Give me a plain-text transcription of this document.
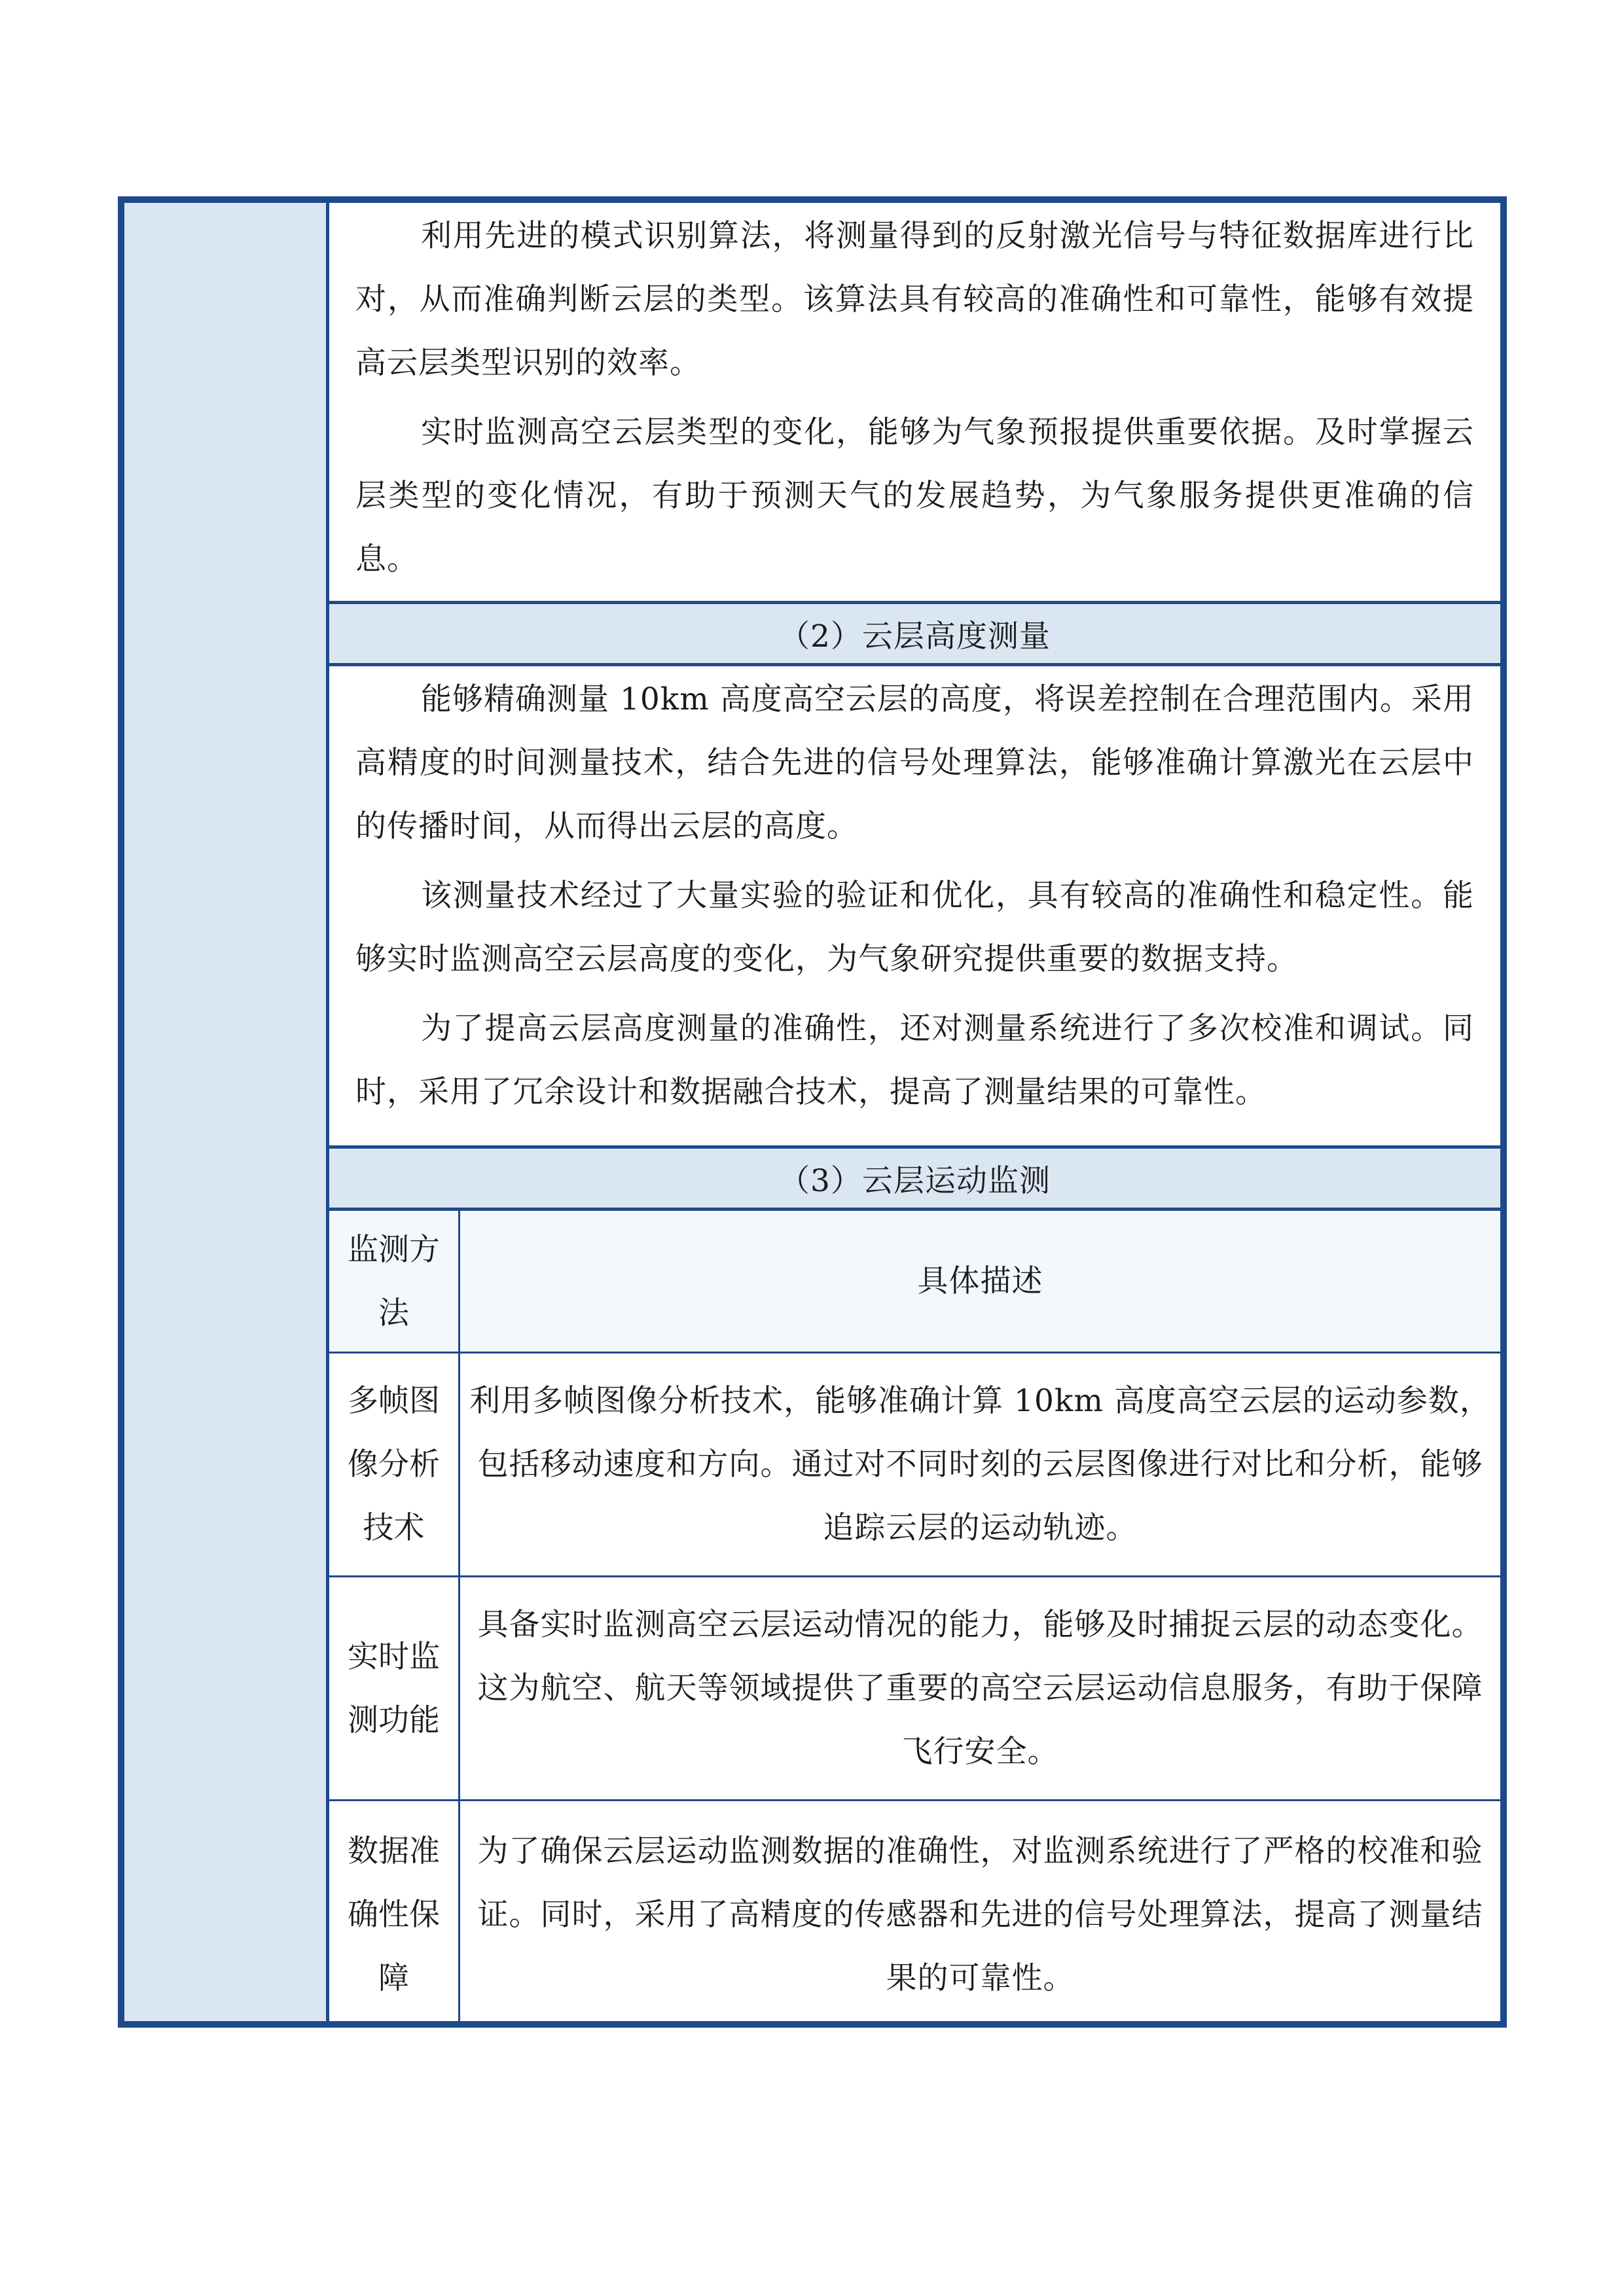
利用先进的模式识别算法，将测量得到的反射激光信号与特征数据库进行比对，从而准确判断云层的类型。该算法具有较高的准确性和可靠性，能够有效提高云层类型识别的效率。

实时监测高空云层类型的变化，能够为气象预报提供重要依据。及时掌握云层类型的变化情况，有助于预测天气的发展趋势，为气象服务提供更准确的信息。

（2）云层高度测量

能够精确测量 10km 高度高空云层的高度，将误差控制在合理范围内。采用高精度的时间测量技术，结合先进的信号处理算法，能够准确计算激光在云层中的传播时间，从而得出云层的高度。

该测量技术经过了大量实验的验证和优化，具有较高的准确性和稳定性。能够实时监测高空云层高度的变化，为气象研究提供重要的数据支持。

为了提高云层高度测量的准确性，还对测量系统进行了多次校准和调试。同时，采用了冗余设计和数据融合技术，提高了测量结果的可靠性。

（3）云层运动监测
监测方法
具体描述
多帧图像分析技术
利用多帧图像分析技术，能够准确计算 10km 高度高空云层的运动参数，包括移动速度和方向。通过对不同时刻的云层图像进行对比和分析，能够追踪云层的运动轨迹。
实时监测功能
具备实时监测高空云层运动情况的能力，能够及时捕捉云层的动态变化。这为航空、航天等领域提供了重要的高空云层运动信息服务，有助于保障飞行安全。
数据准确性保障
为了确保云层运动监测数据的准确性，对监测系统进行了严格的校准和验证。同时，采用了高精度的传感器和先进的信号处理算法，提高了测量结果的可靠性。
